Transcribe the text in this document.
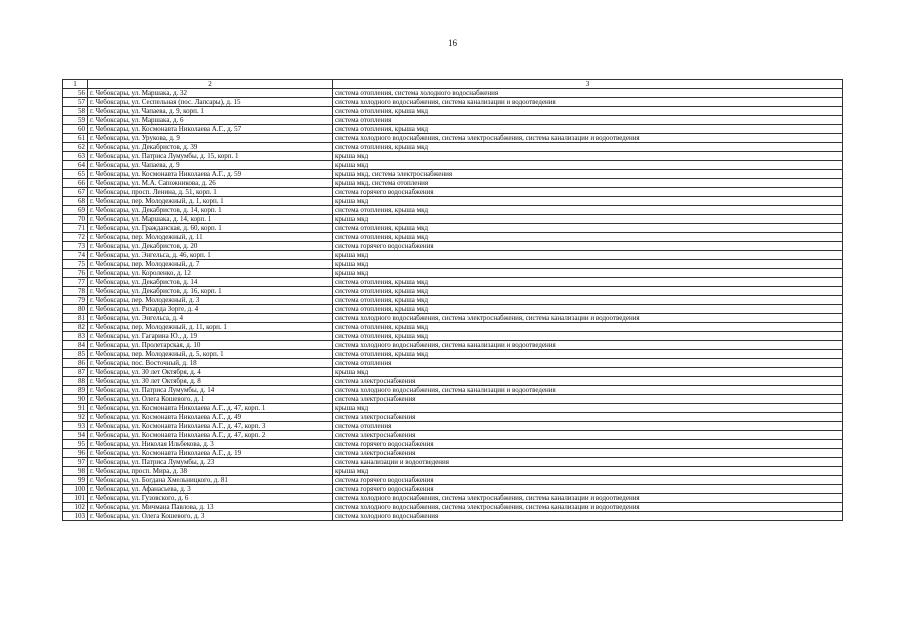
16
1	2	3
56	г. Чебоксары, ул. Маршака, д. 32	система отопления, система холодного водоснабжения
57	г. Чебоксары, ул. Сеспельная (пос. Лапсары), д. 15	система холодного водоснабжения, система канализации и водоотведения
58	г. Чебоксары, ул. Чапаева, д. 9, корп. 1	система отопления, крыша мкд
59	г. Чебоксары, ул. Маршака, д. 6	система отопления
60	г. Чебоксары, ул. Космонавта Николаева А.Г., д. 57	система отопления, крыша мкд
61	г. Чебоксары, ул. Урукова, д. 9	система холодного водоснабжения, система электроснабжения, система канализации и водоотведения
62	г. Чебоксары, ул. Декабристов, д. 39	система отопления, крыша мкд
63	г. Чебоксары, ул. Патриса Лумумбы, д. 15, корп. 1	крыша мкд
64	г. Чебоксары, ул. Чапаева, д. 9	крыша мкд
65	г. Чебоксары, ул. Космонавта Николаева А.Г., д. 59	крыша мкд, система электроснабжения
66	г. Чебоксары, ул. М.А. Сапожникова, д. 26	крыша мкд, система отопления
67	г. Чебоксары, просп. Ленина, д. 51, корп. 1	система горячего водоснабжения
68	г. Чебоксары, пер. Молодежный, д. 1, корп. 1	крыша мкд
69	г. Чебоксары, ул. Декабристов, д. 14, корп. 1	система отопления, крыша мкд
70	г. Чебоксары, ул. Маршака, д. 14, корп. 1	крыша мкд
71	г. Чебоксары, ул. Гражданская, д. 60, корп. 1	система отопления, крыша мкд
72	г. Чебоксары, пер. Молодежный, д. 11	система отопления, крыша мкд
73	г. Чебоксары, ул. Декабристов, д. 20	система горячего водоснабжения
74	г. Чебоксары, ул. Энгельса, д. 46, корп. 1	крыша мкд
75	г. Чебоксары, пер. Молодежный, д. 7	крыша мкд
76	г. Чебоксары, ул. Короленко, д. 12	крыша мкд
77	г. Чебоксары, ул. Декабристов, д. 14	система отопления, крыша мкд
78	г. Чебоксары, ул. Декабристов, д. 16, корп. 1	система отопления, крыша мкд
79	г. Чебоксары, пер. Молодежный, д. 3	система отопления, крыша мкд
80	г. Чебоксары, ул. Рихарда Зорге, д. 4	система отопления, крыша мкд
81	г. Чебоксары, ул. Энгельса, д. 4	система холодного водоснабжения, система электроснабжения, система канализации и водоотведения
82	г. Чебоксары, пер. Молодежный, д. 11, корп. 1	система отопления, крыша мкд
83	г. Чебоксары, ул. Гагарина Ю., д. 19	система отопления, крыша мкд
84	г. Чебоксары, ул. Пролетарская, д. 10	система холодного водоснабжения, система канализации и водоотведения
85	г. Чебоксары, пер. Молодежный, д. 5, корп. 1	система отопления, крыша мкд
86	г. Чебоксары, пос. Восточный, д. 18	система отопления
87	г. Чебоксары, ул. 30 лет Октября, д. 4	крыша мкд
88	г. Чебоксары, ул. 30 лет Октября, д. 8	система электроснабжения
89	г. Чебоксары, ул. Патриса Лумумбы, д. 14	система холодного водоснабжения, система канализации и водоотведения
90	г. Чебоксары, ул. Олега Кошевого, д. 1	система электроснабжения
91	г. Чебоксары, ул. Космонавта Николаева А.Г., д. 47, корп. 1	крыша мкд
92	г. Чебоксары, ул. Космонавта Николаева А.Г., д. 49	система электроснабжения
93	г. Чебоксары, ул. Космонавта Николаева А.Г., д. 47, корп. 3	система отопления
94	г. Чебоксары, ул. Космонавта Николаева А.Г., д. 47, корп. 2	система электроснабжения
95	г. Чебоксары, ул. Николая Ильбекова, д. 3	система горячего водоснабжения
96	г. Чебоксары, ул. Космонавта Николаева А.Г., д. 19	система электроснабжения
97	г. Чебоксары, ул. Патриса Лумумбы, д. 23	система канализации и водоотведения
98	г. Чебоксары, просп. Мира, д. 38	крыша мкд
99	г. Чебоксары, ул. Богдана Хмельницкого, д. 81	система горячего водоснабжения
100	г. Чебоксары, ул. Афанасьева, д. 3	система горячего водоснабжения
101	г. Чебоксары, ул. Гузовского, д. 6	система холодного водоснабжения, система электроснабжения, система канализации и водоотведения
102	г. Чебоксары, ул. Мичмана Павлова, д. 13	система холодного водоснабжения, система электроснабжения, система канализации и водоотведения
103	г. Чебоксары, ул. Олега Кошевого, д. 3	система холодного водоснабжения
